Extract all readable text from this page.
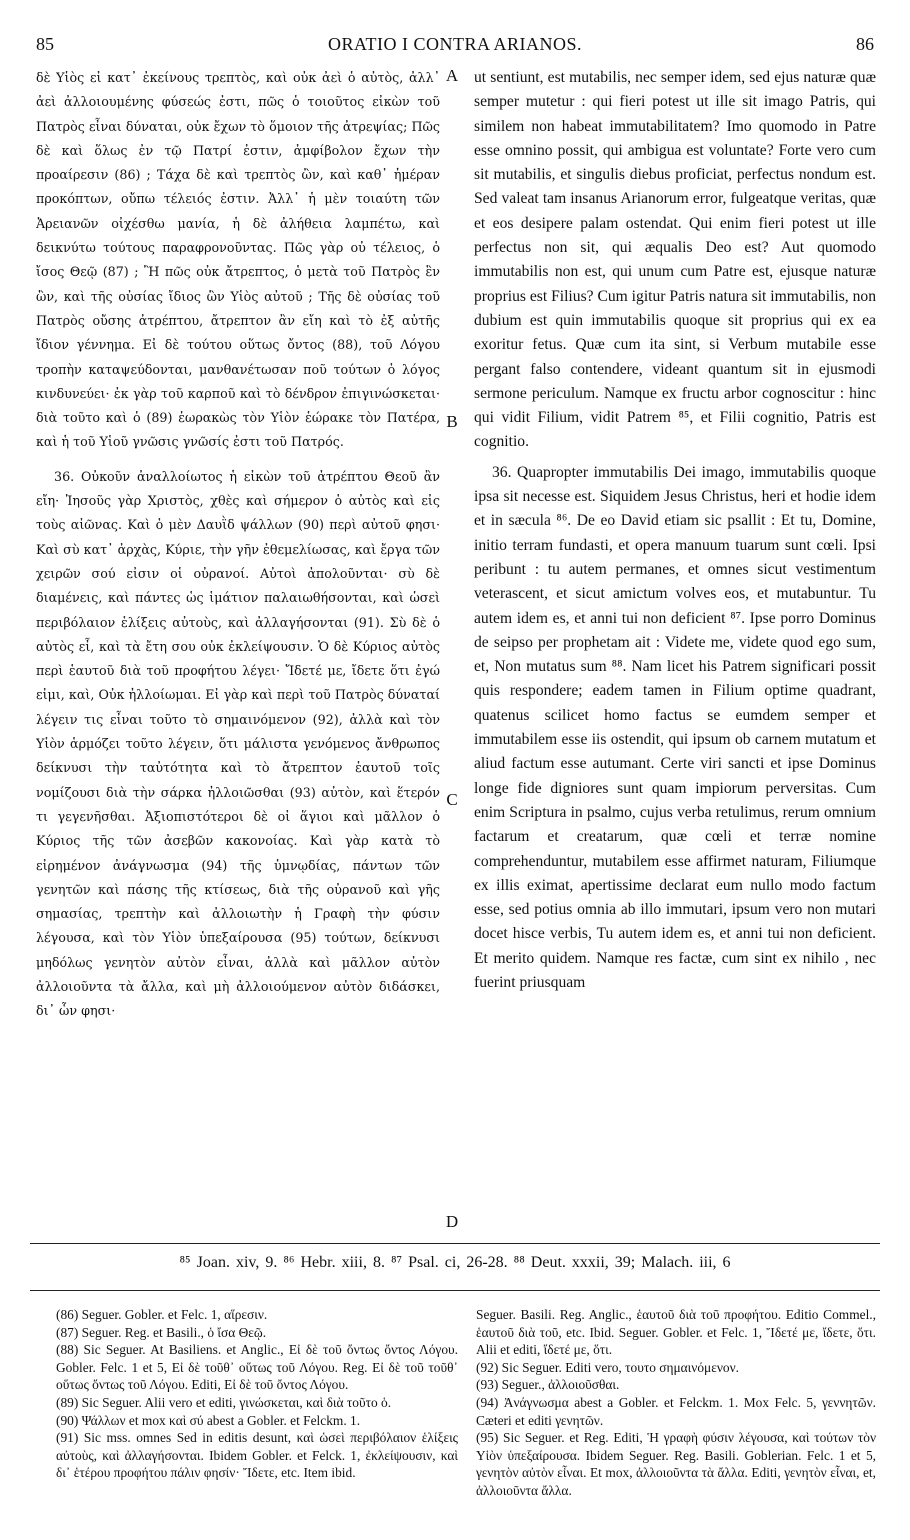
85	ORATIO I CONTRA ARIANOS.	86

δὲ Υἱὸς εἰ κατ᾽ ἐκείνους τρεπτὸς, καὶ οὐκ ἀεὶ ὁ αὐτὸς, ἀλλ᾽ ἀεὶ ἀλλοιουμένης φύσεώς ἐστι, πῶς ὁ τοιοῦτος εἰκὼν τοῦ Πατρὸς εἶναι δύναται, οὐκ ἔχων τὸ ὅμοιον τῆς ἀτρεψίας; Πῶς δὲ καὶ ὅλως ἐν τῷ Πατρί ἐστιν, ἀμφίβολον ἔχων τὴν προαίρεσιν (86) ; Τάχα δὲ καὶ τρεπτὸς ὢν, καὶ καθ᾽ ἡμέραν προκόπτων, οὔπω τέλειός ἐστιν. Ἀλλ᾽ ἡ μὲν τοιαύτη τῶν Ἀρειανῶν οἰχέσθω μανία, ἡ δὲ ἀλήθεια λαμπέτω, καὶ δεικνύτω τούτους παραφρονοῦντας. Πῶς γὰρ οὐ τέλειος, ὁ ἴσος Θεῷ (87) ; Ἢ πῶς οὐκ ἄτρεπτος, ὁ μετὰ τοῦ Πατρὸς ἓν ὢν, καὶ τῆς οὐσίας ἴδιος ὢν Υἱὸς αὐτοῦ ; Τῆς δὲ οὐσίας τοῦ Πατρὸς οὔσης ἀτρέπτου, ἄτρεπτον ἂν εἴη καὶ τὸ ἐξ αὐτῆς ἴδιον γέννημα. Εἰ δὲ τούτου οὕτως ὄντος (88), τοῦ Λόγου τροπὴν καταψεύδονται, μανθανέτωσαν ποῦ τούτων ὁ λόγος κινδυνεύει· ἐκ γὰρ τοῦ καρποῦ καὶ τὸ δένδρον ἐπιγινώσκεται· διὰ τοῦτο καὶ ὁ (89) ἑωρακὼς τὸν Υἱὸν ἑώρακε τὸν Πατέρα, καὶ ἡ τοῦ Υἱοῦ γνῶσις γνῶσίς ἐστι τοῦ Πατρός.

36. Οὐκοῦν ἀναλλοίωτος ἡ εἰκὼν τοῦ ἀτρέπτου Θεοῦ ἂν εἴη· Ἰησοῦς γὰρ Χριστὸς, χθὲς καὶ σήμερον ὁ αὐτὸς καὶ εἰς τοὺς αἰῶνας. Καὶ ὁ μὲν Δαυῒδ ψάλλων (90) περὶ αὐτοῦ φησι· Καὶ σὺ κατ᾽ ἀρχὰς, Κύριε, τὴν γῆν ἐθεμελίωσας, καὶ ἔργα τῶν χειρῶν σού εἰσιν οἱ οὐρανοί. Αὐτοὶ ἀπολοῦνται· σὺ δὲ διαμένεις, καὶ πάντες ὡς ἱμάτιον παλαιωθήσονται, καὶ ὡσεὶ περιβόλαιον ἑλίξεις αὐτοὺς, καὶ ἀλλαγήσονται (91). Σὺ δὲ ὁ αὐτὸς εἶ, καὶ τὰ ἔτη σου οὐκ ἐκλείψουσιν. Ὁ δὲ Κύριος αὐτὸς περὶ ἑαυτοῦ διὰ τοῦ προφήτου λέγει· Ἴδετέ με, ἴδετε ὅτι ἐγώ εἰμι, καὶ, Οὐκ ἠλλοίωμαι. Εἰ γὰρ καὶ περὶ τοῦ Πατρὸς δύναταί λέγειν τις εἶναι τοῦτο τὸ σημαινόμενον (92), ἀλλὰ καὶ τὸν Υἱὸν ἁρμόζει τοῦτο λέγειν, ὅτι μάλιστα γενόμενος ἄνθρωπος δείκνυσι τὴν ταὐτότητα καὶ τὸ ἄτρεπτον ἑαυτοῦ τοῖς νομίζουσι διὰ τὴν σάρκα ἠλλοιῶσθαι (93) αὐτὸν, καὶ ἕτερόν τι γεγενῆσθαι. Ἀξιοπιστότεροι δὲ οἱ ἅγιοι καὶ μᾶλλον ὁ Κύριος τῆς τῶν ἀσεβῶν κακονοίας. Καὶ γὰρ κατὰ τὸ εἰρημένον ἀνάγνωσμα (94) τῆς ὑμνῳδίας, πάντων τῶν γενητῶν καὶ πάσης τῆς κτίσεως, διὰ τῆς οὐρανοῦ καὶ γῆς σημασίας, τρεπτὴν καὶ ἀλλοιωτὴν ἡ Γραφὴ τὴν φύσιν λέγουσα, καὶ τὸν Υἱὸν ὑπεξαίρουσα (95) τούτων, δείκνυσι μηδόλως γενητὸν αὐτὸν εἶναι, ἀλλὰ καὶ μᾶλλον αὐτὸν ἀλλοιοῦντα τὰ ἄλλα, καὶ μὴ ἀλλοιούμενον αὐτὸν διδάσκει, δι᾽ ὧν φησι·

A
B
C
D

ut sentiunt, est mutabilis, nec semper idem, sed ejus naturæ quæ semper mutetur : qui fieri potest ut ille sit imago Patris, qui similem non habeat immutabilitatem? Imo quomodo in Patre esse omnino possit, qui ambigua est voluntate? Forte vero cum sit mutabilis, et singulis diebus proficiat, perfectus nondum est. Sed valeat tam insanus Arianorum error, fulgeatque veritas, quæ et eos desipere palam ostendat. Qui enim fieri potest ut ille perfectus non sit, qui æqualis Deo est? Aut quomodo immutabilis non est, qui unum cum Patre est, ejusque naturæ proprius est Filius? Cum igitur Patris natura sit immutabilis, non dubium est quin immutabilis quoque sit proprius qui ex ea exoritur fetus. Quæ cum ita sint, si Verbum mutabile esse pergant falso contendere, videant quantum sit in ejusmodi sermone periculum. Namque ex fructu arbor cognoscitur : hinc qui vidit Filium, vidit Patrem ⁸⁵, et Filii cognitio, Patris est cognitio.

36. Quapropter immutabilis Dei imago, immutabilis quoque ipsa sit necesse est. Siquidem Jesus Christus, heri et hodie idem et in sæcula ⁸⁶. De eo David etiam sic psallit : Et tu, Domine, initio terram fundasti, et opera manuum tuarum sunt cœli. Ipsi peribunt : tu autem permanes, et omnes sicut vestimentum veterascent, et sicut amictum volves eos, et mutabuntur. Tu autem idem es, et anni tui non deficient ⁸⁷. Ipse porro Dominus de seipso per prophetam ait : Videte me, videte quod ego sum, et, Non mutatus sum ⁸⁸. Nam licet his Patrem significari possit quis respondere; eadem tamen in Filium optime quadrant, quatenus scilicet homo factus se eumdem semper et immutabilem esse iis ostendit, qui ipsum ob carnem mutatum et aliud factum esse autumant. Certe viri sancti et ipse Dominus longe fide digniores sunt quam impiorum perversitas. Cum enim Scriptura in psalmo, cujus verba retulimus, rerum omnium factarum et creatarum, quæ cœli et terræ nomine comprehenduntur, mutabilem esse affirmet naturam, Filiumque ex illis eximat, apertissime declarat eum nullo modo factum esse, sed potius omnia ab illo immutari, ipsum vero non mutari docet hisce verbis, Tu autem idem es, et anni tui non deficient. Et merito quidem. Namque res factæ, cum sint ex nihilo , nec fuerint priusquam

⁸⁵ Joan. xiv, 9. ⁸⁶ Hebr. xiii, 8. ⁸⁷ Psal. ci, 26-28. ⁸⁸ Deut. xxxii, 39; Malach. iii, 6

(86) Seguer. Gobler. et Felc. 1, αἵρεσιν.

(87) Seguer. Reg. et Basili., ὁ ἴσα Θεῷ.

(88) Sic Seguer. At Basiliens. et Anglic., Εἰ δὲ τοῦ ὄντως ὄντος Λόγου. Gobler. Felc. 1 et 5, Εἰ δὲ τοῦθ᾽ οὕτως τοῦ Λόγου. Reg. Εἰ δὲ τοῦ τοῦθ᾽ οὕτως ὄντως τοῦ Λόγου. Editi, Εἰ δὲ τοῦ ὄντος Λόγου.

(89) Sic Seguer. Alii vero et editi, γινώσκεται, καὶ διὰ τοῦτο ὁ.

(90) Ψάλλων et mox καὶ σύ abest a Gobler. et Felckm. 1.

(91) Sic mss. omnes Sed in editis desunt, καὶ ὡσεὶ περιβόλαιον ἑλίξεις αὐτοὺς, καὶ ἀλλαγήσονται. Ibidem Gobler. et Felck. 1, ἐκλείψουσιν, καὶ δι᾽ ἑτέρου προφήτου πάλιν φησίν· Ἴδετε, etc. Item ibid.

Seguer. Basili. Reg. Anglic., ἑαυτοῦ διὰ τοῦ προφήτου. Editio Commel., ἑαυτοῦ διὰ τοῦ, etc. Ibid. Seguer. Gobler. et Felc. 1, Ἴδετέ με, ἴδετε, ὅτι. Alii et editi, ἴδετέ με, ὅτι.

(92) Sic Seguer. Editi vero, τουτο σημαινόμενον.

(93) Seguer., ἀλλοιοῦσθαι.

(94) Ἀνάγνωσμα abest a Gobler. et Felckm. 1. Mox Felc. 5, γεννητῶν. Cæteri et editi γενητῶν.

(95) Sic Seguer. et Reg. Editi, Ἡ γραφὴ φύσιν λέγουσα, καὶ τούτων τὸν Υἱὸν ὑπεξαίρουσα. Ibidem Seguer. Reg. Basili. Goblerian. Felc. 1 et 5, γενητὸν αὐτὸν εἶναι. Et mox, ἀλλοιοῦντα τὰ ἄλλα. Editi, γενητὸν εἶναι, et, ἀλλοιοῦντα ἄλλα.
